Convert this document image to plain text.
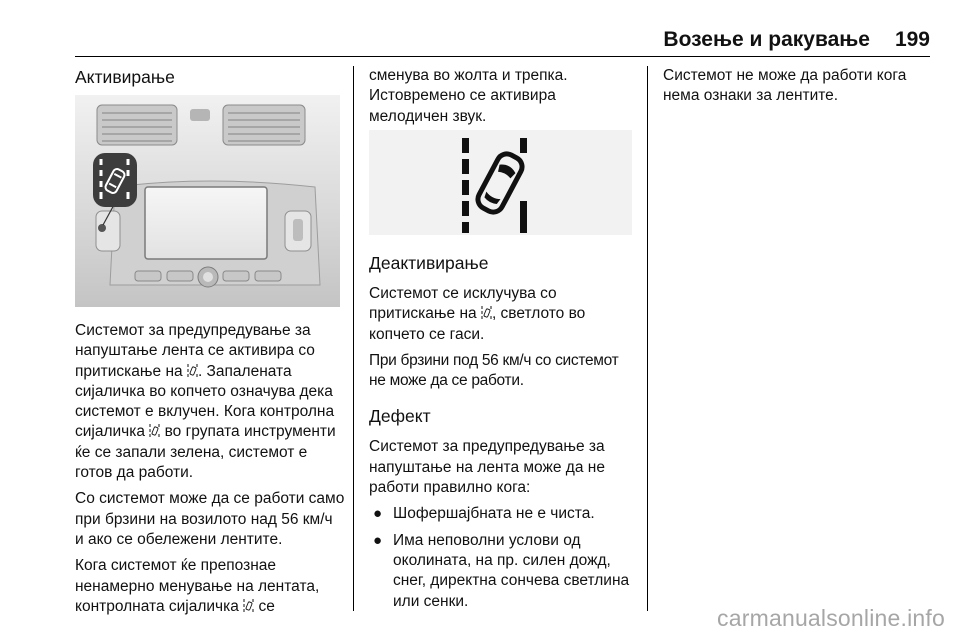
Возење и ракување	199
Активирање

Системот за предупредување за напуштање лента се активира со притискање на . Запалената сијаличка во копчето означува дека системот е вклучен. Кога контролна сијаличка  во групата инструменти ќе се запали зелена, системот е готов да работи.

Со системот може да се работи само при брзини на возилото над 56 км/ч и ако се обележени лентите.

Кога системот ќе препознае ненамерно менување на лентата, контролната сијаличка  се

сменува во жолта и трепка. Истовремено се активира мелодичен звук.

Деактивирање

Системот се исклучува со притискање на , светлото во копчето се гаси.

При брзини под 56 км/ч со системот не може да се работи.

Дефект

Системот за предупредување за напуштање на лента може да не работи правилно кога:

● Шофершајбната не е чиста.
● Има неповолни услови од околината, на пр. силен дожд, снег, директна сончева светлина или сенки.

Системот не може да работи кога нема ознаки за лентите.

carmanualsonline.info
